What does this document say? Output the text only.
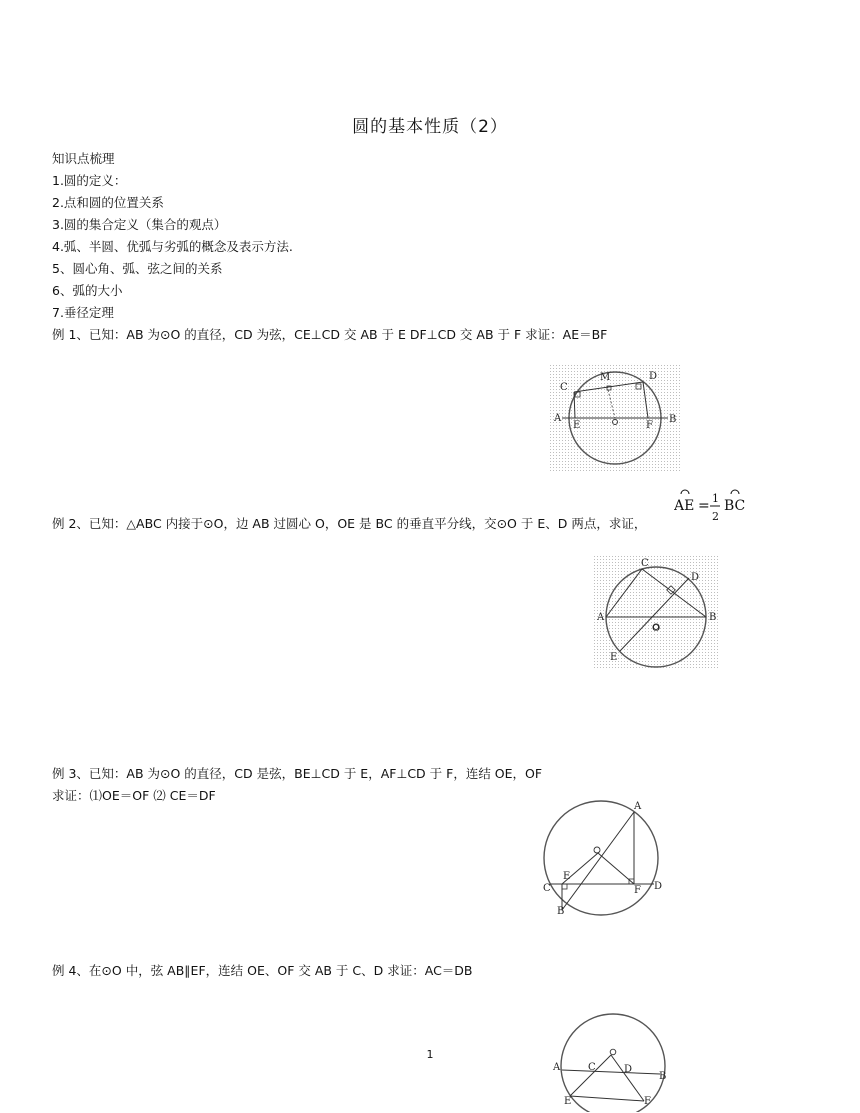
圆的基本性质（2）
知识点梳理
1.圆的定义：
2.点和圆的位置关系
3.圆的集合定义（集合的观点）
4.弧、半圆、优弧与劣弧的概念及表示方法.
5、圆心角、弧、弦之间的关系
6、弧的大小
7.垂径定理
例 1、已知：AB 为⊙O 的直径，CD 为弦，CE⊥CD 交 AB 于 E DF⊥CD 交 AB 于 F 求证：AE＝BF
C
M	D
A
E	F
B
AE = 1
2
BC
例 2、已知：△ABC 内接于⊙O，边 AB 过圆心 O，OE 是 BC 的垂直平分线，交⊙O 于 E、D 两点，求证，
C
D
A	B
O
E
例 3、已知：AB 为⊙O 的直径，CD 是弦，BE⊥CD 于 E，AF⊥CD 于 F，连结 OE，OF
求证：⑴OE＝OF ⑵ CE＝DF
A
E
C	F D
B
例 4、在⊙O 中，弦 AB∥EF，连结 OE、OF 交 AB 于 C、D 求证：AC＝DB
A	C	D
B
E	F
1
